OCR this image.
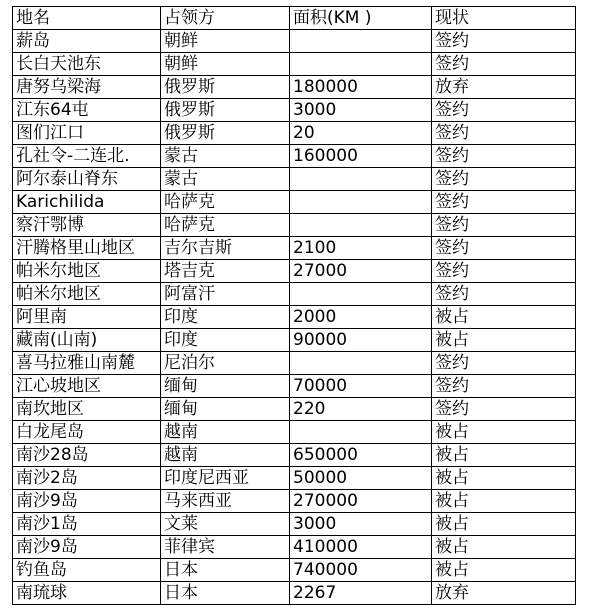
地名	占领方	面积(KM )	现状
薪岛	朝鲜		签约
长白天池东	朝鲜		签约
唐努乌梁海	俄罗斯	180000	放弃
江东64屯	俄罗斯	3000	签约
图们江口	俄罗斯	20	签约
孔社令-二连北.	蒙古	160000	签约
阿尔泰山脊东	蒙古		签约
Karichilida	哈萨克		签约
察汗鄂博	哈萨克		签约
汗腾格里山地区	吉尔吉斯	2100	签约
帕米尔地区	塔吉克	27000	签约
帕米尔地区	阿富汗		签约
阿里南	印度	2000	被占
藏南(山南)	印度	90000	被占
喜马拉雅山南麓	尼泊尔		签约
江心坡地区	缅甸	70000	签约
南坎地区	缅甸	220	签约
白龙尾岛	越南		被占
南沙28岛	越南	650000	被占
南沙2岛	印度尼西亚	50000	被占
南沙9岛	马来西亚	270000	被占
南沙1岛	文莱	3000	被占
南沙9岛	菲律宾	410000	被占
钓鱼岛	日本	740000	被占
南琉球	日本	2267	放弃
